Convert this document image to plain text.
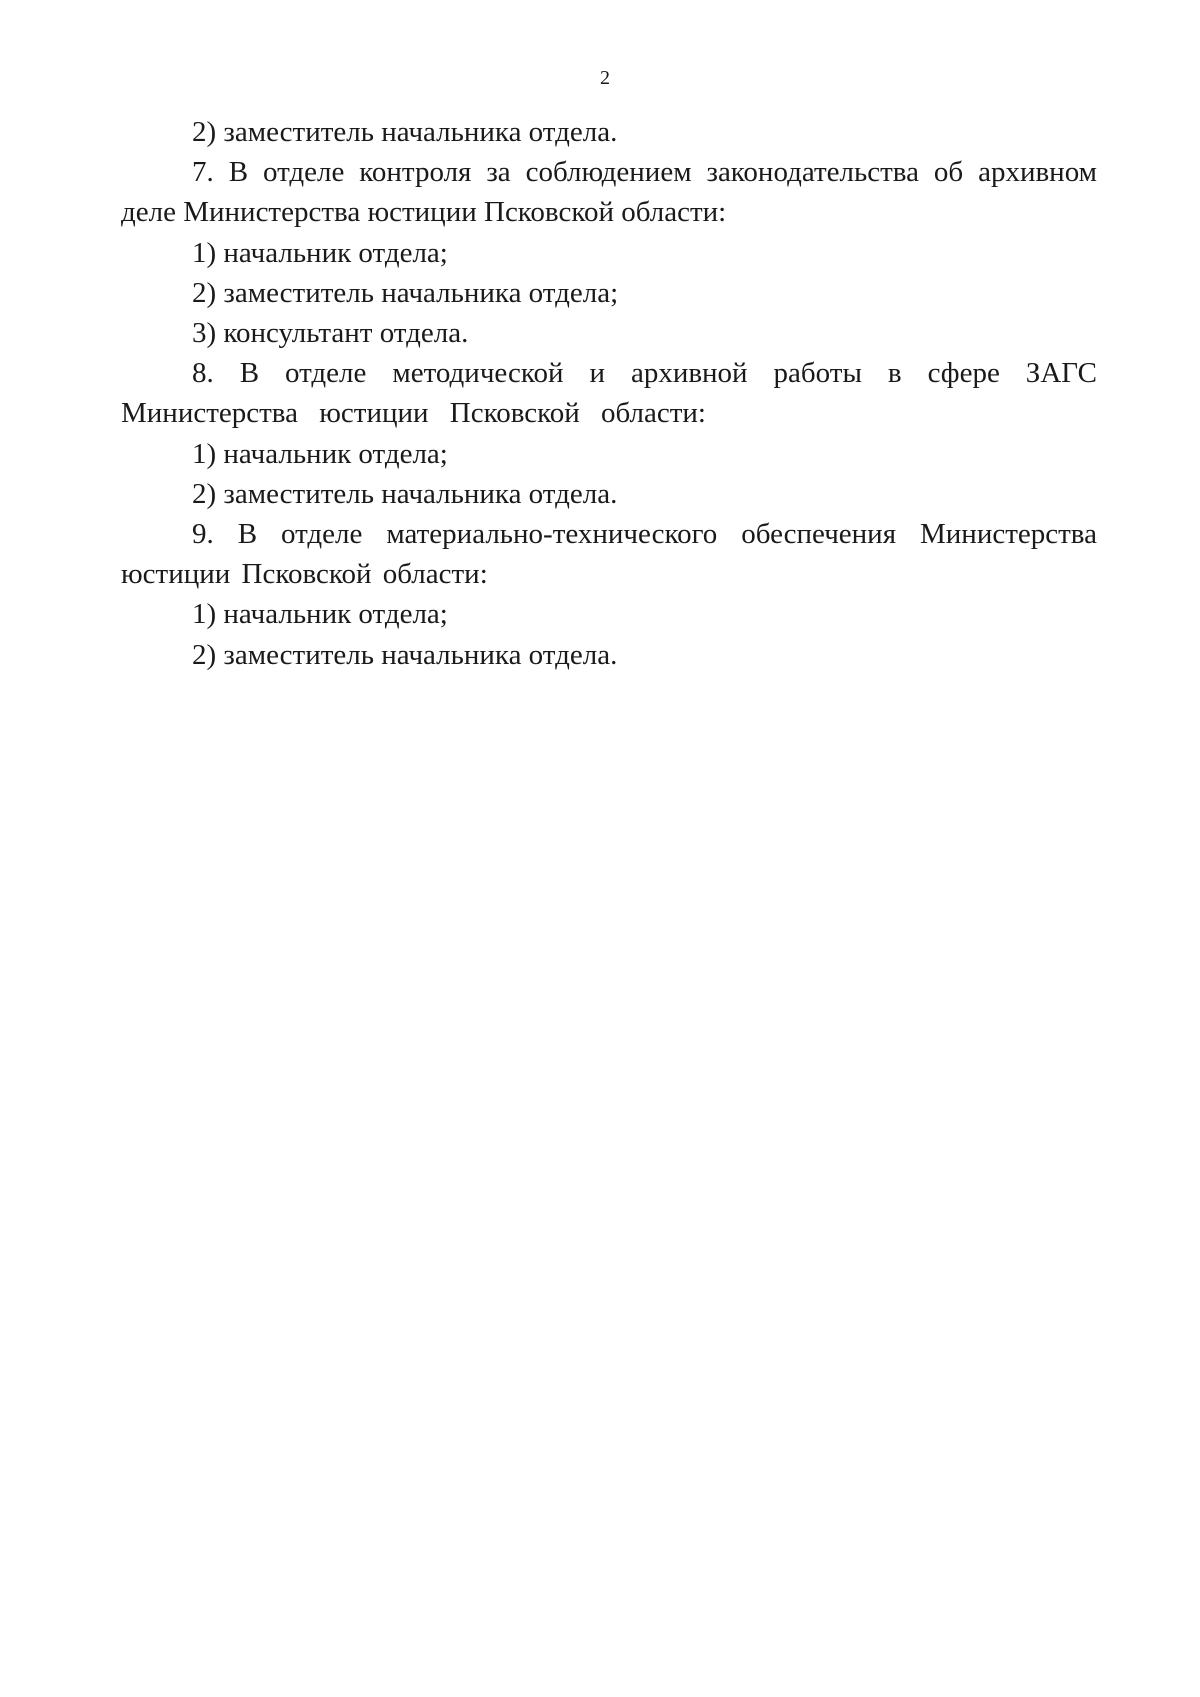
2

2) заместитель начальника отдела.

7. В отделе контроля за соблюдением законодательства об архивном деле Министерства юстиции Псковской области:

1) начальник отдела;

2) заместитель начальника отдела;

3) консультант отдела.

8. В отделе методической и архивной работы в сфере ЗАГС Министерства юстиции Псковской области:

1) начальник отдела;

2) заместитель начальника отдела.

9. В отделе материально-технического обеспечения Министерства юстиции Псковской области:

1) начальник отдела;

2) заместитель начальника отдела.
